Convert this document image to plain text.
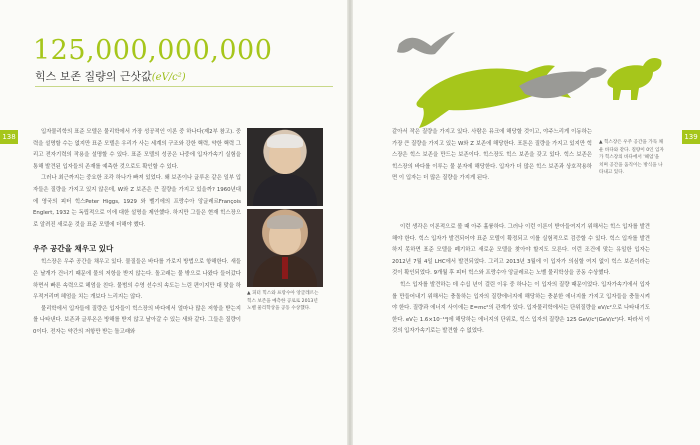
125,000,000,000
힉스 보존 질량의 근삿값(eV/c²)
138	139

입자물리학의 표준 모델은 물리학에서 가장 성공적인 이론 중 하나다(제2부 참고). 중력을 설명할 수는 없지만 표준 모델은 우리가 사는 세계의 구조와 강한 핵력, 약한 핵력 그리고 전자기력의 작용을 설명할 수 있다. 표준 모델의 성공은 나중에 입자가속기 실험을 통해 발견된 입자들의 존재를 예측한 것으로도 확인할 수 있다.

그러나 최근까지는 중요한 조각 하나가 빠져 있었다. 왜 보존이나 글루온 같은 일부 입자들은 질량을 가지고 있지 않은데, W와 Z 보존은 큰 질량을 가지고 있을까? 1960년대에 영국의 피터 힉스Peter Higgs, 1929 와 벨기에의 프랑수아 앙글레르François Englert, 1932 는 독립적으로 이에 대한 설명을 제안했다. 하지만 그들은 현재 힉스장으로 알려진 새로운 것을 표준 모델에 더해야 했다.

우주 공간을 채우고 있다

힉스장은 우주 공간을 채우고 있다. 물질들은 바다를 가로지 방법으로 항해한다. 새들은 날개가 건너기 때문에 물의 저항을 받지 않는다. 돌고래는 물 밖으로 나왔다 들어갔다 하면서 빠른 속력으로 헤엄을 친다. 물범의 수영 선수의 속도는 느린 편이지만 대 맞을 하우적거리며 헤엄을 치는 개보다 느리지는 않다.

물리학에서 입자들에 질량은 입자들이 힉스장의 바다에서 얼마나 많은 저항을 받는지를 나타낸다. 보존과 글루온은 방해를 받지 않고 날아갈 수 있는 새와 같다. 그들은 질량이 0이다. 전자는 약간의 저항만 받는 돌고래와

▲ 피터 힉스와 프랑수아 앙글레르는 힉스 보존을 예측한 공로로 2013년 노벨 물리학상을 공동 수상했다.

같아서 작은 질량을 가지고 있다. 사람은 뮤크에 해당할 것이고, 야주느리게 이동하는 가장 큰 질량을 가지고 있는 W와 Z 보존에 해당한다. 포톤은 질량을 가지고 있지만 힉스장은 힉스 보존을 만드는 보존이다. 힉스장도 힉스 보존을 갖고 있다. 힉스 보존은 힉스장의 바다를 이루는 물 분자에 해당한다. 입자가 더 많은 힉스 보존과 상호작용하면 이 입자는 더 많은 질량을 가지게 된다.

▲ 힉스장은 우주 공간을 가득 채운 바다와 같다. 질량이 0인 입자가 힉스장의 바다에서 '헤엄'을 치며 공간을 움직이는 방식을 나타내고 있다.

이런 생각은 이론적으로 볼 때 아주 훌륭하다. 그러나 이런 이론이 받아들여지기 위해서는 힉스 입자를 발견해야 한다. 힉스 입자가 발견되어야 표준 모델이 확정되고 이를 실험적으로 검증할 수 있다. 힉스 입자를 발견하지 못하면 표준 모델을 폐기하고 새로운 모델을 찾아야 할지도 모른다. 이런 조건에 맞는 유일한 입자는 2012년 7월 4일 LHC에서 발견되었다. 그리고 2013년 3월에 이 입자가 의심할 여지 없이 힉스 보존이라는 것이 확인되었다. 9개월 후 피터 힉스와 프랑수아 앙글레르는 노벨 물리학상을 공동 수상했다.

힉스 입자를 발견하는 데 수십 년이 걸린 이유 중 하나는 이 입자의 질량 때문이었다. 입자가속기에서 입자를 만들어내기 위해서는 충돌하는 입자의 질량에너지에 해당하는 충분한 에너지를 가지고 입자들을 충돌시켜야 한다. 질량과 에너지 사이에는 E=mc²의 관계가 있다. 입자물리학에서는 단위질량을 eV/c²으로 나타내기도 한다. eV는 1.6×10⁻¹⁹J에 해당하는 에너지의 단위로, 힉스 입자의 질량은 125 GeV/c²(GeV/c²)다. 따라서 이것의 입자가속기로는 발견할 수 없었다.
